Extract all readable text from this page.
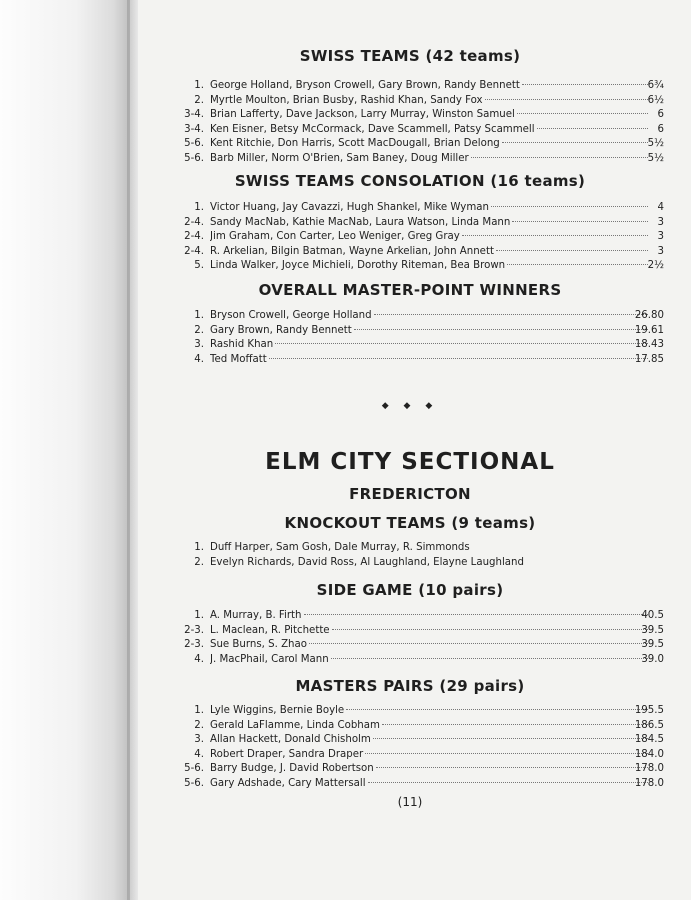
SWISS TEAMS (42 teams)
1. George Holland, Bryson Crowell, Gary Brown, Randy Bennett	6¾
2. Myrtle Moulton, Brian Busby, Rashid Khan, Sandy Fox	6½
3-4. Brian Lafferty, Dave Jackson, Larry Murray, Winston Samuel	6
3-4. Ken Eisner, Betsy McCormack, Dave Scammell, Patsy Scammell	6
5-6. Kent Ritchie, Don Harris, Scott MacDougall, Brian Delong	5½
5-6. Barb Miller, Norm O'Brien, Sam Baney, Doug Miller	5½
SWISS TEAMS CONSOLATION (16 teams)
1. Victor Huang, Jay Cavazzi, Hugh Shankel, Mike Wyman	4
2-4. Sandy MacNab, Kathie MacNab, Laura Watson, Linda Mann	3
2-4. Jim Graham, Con Carter, Leo Weniger, Greg Gray	3
2-4. R. Arkelian, Bilgin Batman, Wayne Arkelian, John Annett	3
5. Linda Walker, Joyce Michieli, Dorothy Riteman, Bea Brown	2½
OVERALL MASTER-POINT WINNERS
1. Bryson Crowell, George Holland	26.80
2. Gary Brown, Randy Bennett	19.61
3. Rashid Khan	18.43
4. Ted Moffatt	17.85
◆ ◆ ◆
ELM CITY SECTIONAL
FREDERICTON
KNOCKOUT TEAMS (9 teams)
1. Duff Harper, Sam Gosh, Dale Murray, R. Simmonds
2. Evelyn Richards, David Ross, Al Laughland, Elayne Laughland
SIDE GAME (10 pairs)
1. A. Murray, B. Firth	40.5
2-3. L. Maclean, R. Pitchette	39.5
2-3. Sue Burns, S. Zhao	39.5
4. J. MacPhail, Carol Mann	39.0
MASTERS PAIRS (29 pairs)
1. Lyle Wiggins, Bernie Boyle	195.5
2. Gerald LaFlamme, Linda Cobham	186.5
3. Allan Hackett, Donald Chisholm	184.5
4. Robert Draper, Sandra Draper	184.0
5-6. Barry Budge, J. David Robertson	178.0
5-6. Gary Adshade, Cary Mattersall	178.0
(11)
